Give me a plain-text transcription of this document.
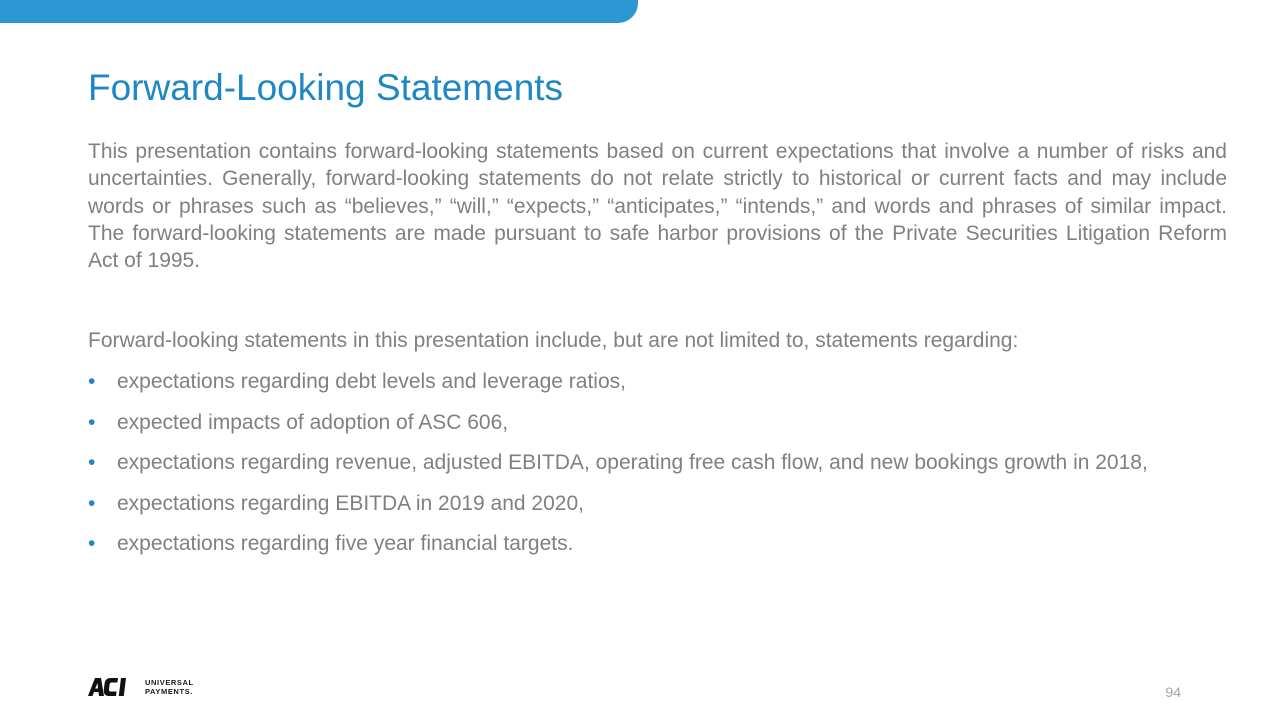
Forward-Looking Statements

This presentation contains forward-looking statements based on current expectations that involve a number of risks and uncertainties. Generally, forward-looking statements do not relate strictly to historical or current facts and may include words or phrases such as “believes,” “will,” “expects,” “anticipates,” “intends,” and words and phrases of similar impact. The forward-looking statements are made pursuant to safe harbor provisions of the Private Securities Litigation Reform Act of 1995.

Forward-looking statements in this presentation include, but are not limited to, statements regarding:

• expectations regarding debt levels and leverage ratios,
• expected impacts of adoption of ASC 606,
• expectations regarding revenue, adjusted EBITDA, operating free cash flow, and new bookings growth in 2018,
• expectations regarding EBITDA in 2019 and 2020,
• expectations regarding five year financial targets.
UNIVERSAL
PAYMENTS.	94
